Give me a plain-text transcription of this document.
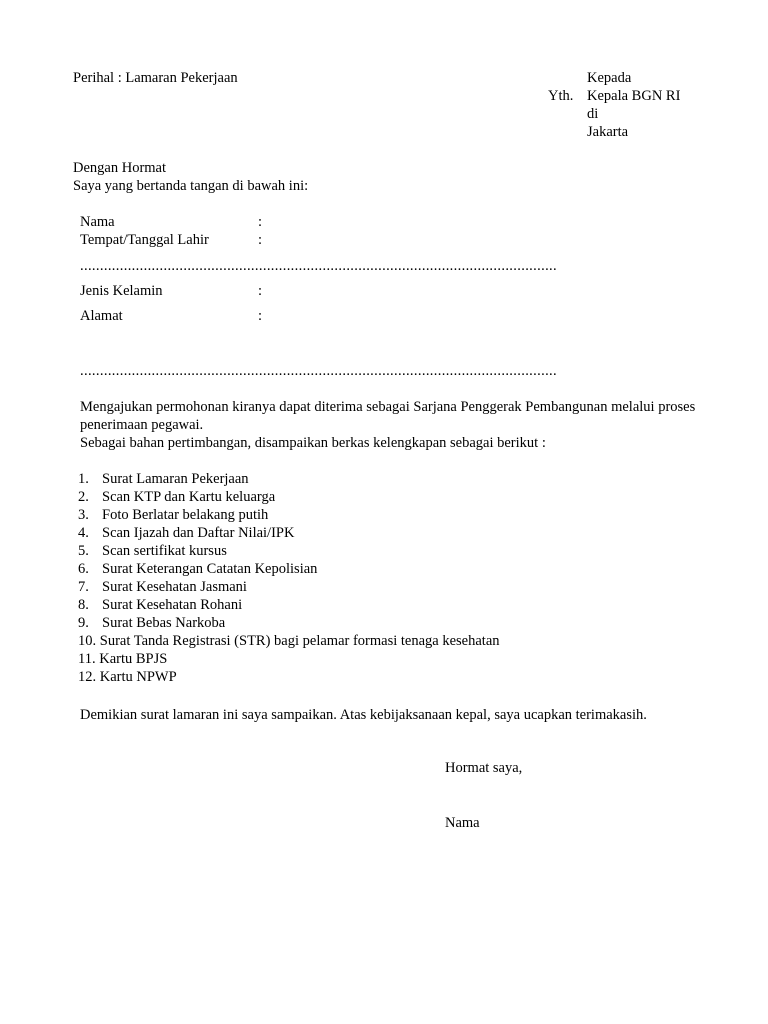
Perihal : Lamaran Pekerjaan
Yth.
Kepada
Kepala BGN RI
di
Jakarta
Dengan Hormat
Saya yang bertanda tangan di bawah ini:
Nama	:
Tempat/Tanggal Lahir	:
........................................................................................................................
Jenis Kelamin	:
Alamat	:
........................................................................................................................
Mengajukan permohonan kiranya dapat diterima sebagai Sarjana Penggerak Pembangunan melalui proses penerimaan pegawai.
Sebagai bahan pertimbangan, disampaikan berkas kelengkapan sebagai berikut :
1. Surat Lamaran Pekerjaan
2. Scan KTP dan Kartu keluarga
3. Foto Berlatar belakang putih
4. Scan Ijazah dan Daftar Nilai/IPK
5. Scan sertifikat kursus
6. Surat Keterangan Catatan Kepolisian
7. Surat Kesehatan Jasmani
8. Surat Kesehatan Rohani
9. Surat Bebas Narkoba
10. Surat Tanda Registrasi (STR) bagi pelamar formasi tenaga kesehatan
11. Kartu BPJS
12. Kartu NPWP
Demikian surat lamaran ini saya sampaikan. Atas kebijaksanaan kepal, saya ucapkan terimakasih.
Hormat saya,
Nama
